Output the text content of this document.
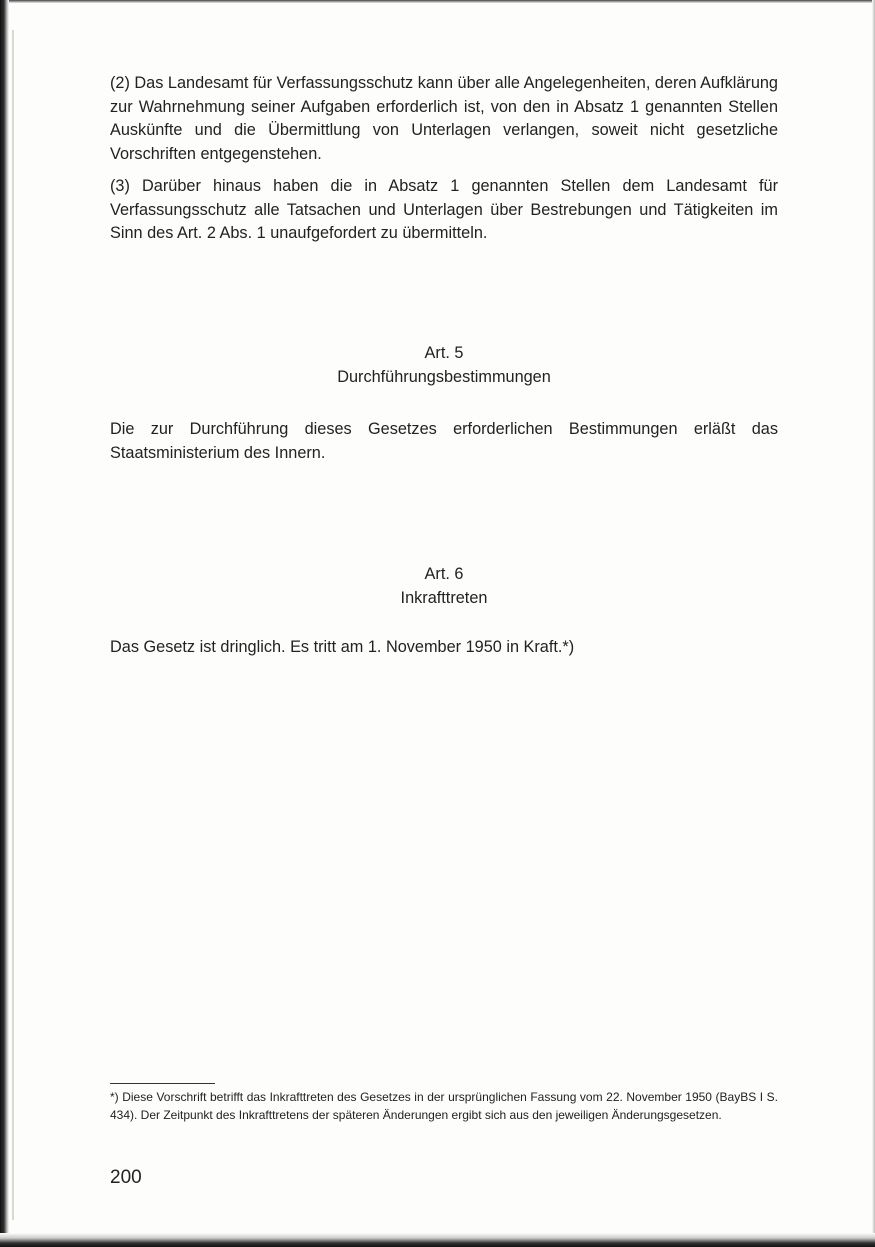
(2) Das Landesamt für Verfassungsschutz kann über alle Angelegenheiten, deren Aufklärung zur Wahrnehmung seiner Aufgaben erforderlich ist, von den in Absatz 1 genannten Stellen Auskünfte und die Übermittlung von Unterlagen verlangen, soweit nicht gesetzliche Vorschriften entgegenstehen.

(3) Darüber hinaus haben die in Absatz 1 genannten Stellen dem Landesamt für Verfassungsschutz alle Tatsachen und Unterlagen über Bestrebungen und Tätigkeiten im Sinn des Art. 2 Abs. 1 unaufgefordert zu übermitteln.

Art. 5
Durchführungsbestimmungen

Die zur Durchführung dieses Gesetzes erforderlichen Bestimmungen erläßt das Staatsministerium des Innern.

Art. 6
Inkrafttreten

Das Gesetz ist dringlich. Es tritt am 1. November 1950 in Kraft.*)

*) Diese Vorschrift betrifft das Inkrafttreten des Gesetzes in der ursprünglichen Fassung vom 22. November 1950 (BayBS I S. 434). Der Zeitpunkt des Inkrafttretens der späteren Änderungen ergibt sich aus den jeweiligen Änderungsgesetzen.

200
